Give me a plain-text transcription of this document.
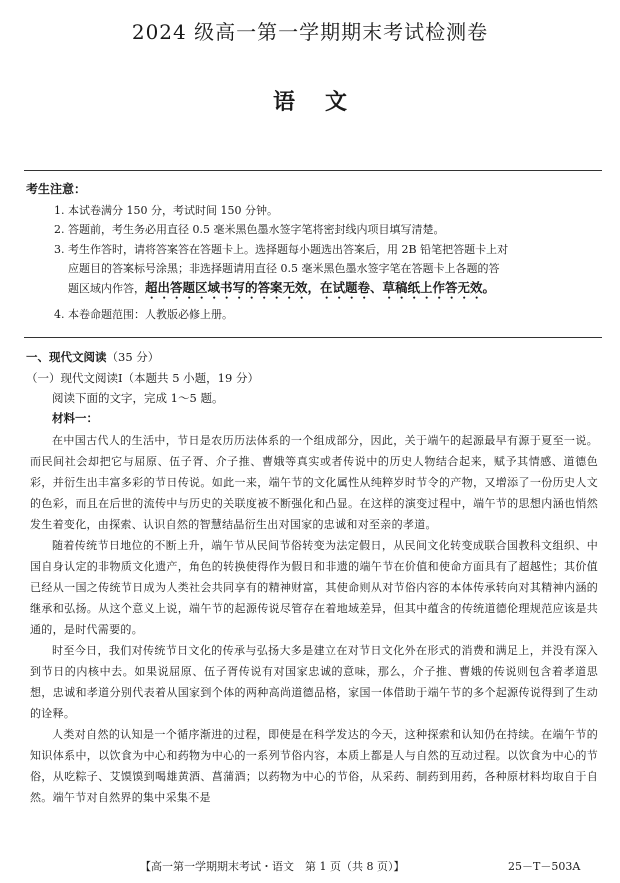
2024 级高一第一学期期末考试检测卷
语文
考生注意：
1. 本试卷满分 150 分，考试时间 150 分钟。
2. 答题前，考生务必用直径 0.5 毫米黑色墨水签字笔将密封线内项目填写清楚。
3. 考生作答时，请将答案答在答题卡上。选择题每小题选出答案后，用 2B 铅笔把答题卡上对
应题目的答案标号涂黑；非选择题请用直径 0.5 毫米黑色墨水签字笔在答题卡上各题的答
题区域内作答，超出答题区域书写的答案无效，在试题卷、草稿纸上作答无效。
4. 本卷命题范围：人教版必修上册。
一、现代文阅读（35 分）
（一）现代文阅读Ⅰ（本题共 5 小题，19 分）
阅读下面的文字，完成 1～5 题。
材料一：

在中国古代人的生活中，节日是农历历法体系的一个组成部分，因此，关于端午的起源最早有源于夏至一说。而民间社会却把它与屈原、伍子胥、介子推、曹娥等真实或者传说中的历史人物结合起来，赋予其情感、道德色彩，并衍生出丰富多彩的节日传说。如此一来，端午节的文化属性从纯粹岁时节令的产物，又增添了一份历史人文的色彩，而且在后世的流传中与历史的关联度被不断强化和凸显。在这样的演变过程中，端午节的思想内涵也悄然发生着变化，由探索、认识自然的智慧结晶衍生出对国家的忠诚和对至亲的孝道。

随着传统节日地位的不断上升，端午节从民间节俗转变为法定假日，从民间文化转变成联合国教科文组织、中国自身认定的非物质文化遗产，角色的转换使得作为假日和非遗的端午节在价值和使命方面具有了超越性；其价值已经从一国之传统节日成为人类社会共同享有的精神财富，其使命则从对节俗内容的本体传承转向对其精神内涵的继承和弘扬。从这个意义上说，端午节的起源传说尽管存在着地域差异，但其中蕴含的传统道德伦理规范应该是共通的，是时代需要的。

时至今日，我们对传统节日文化的传承与弘扬大多是建立在对节日文化外在形式的消费和满足上，并没有深入到节日的内核中去。如果说屈原、伍子胥传说有对国家忠诚的意味，那么，介子推、曹娥的传说则包含着孝道思想，忠诚和孝道分别代表着从国家到个体的两种高尚道德品格，家国一体借助于端午节的多个起源传说得到了生动的诠释。

人类对自然的认知是一个循序渐进的过程，即使是在科学发达的今天，这种探索和认知仍在持续。在端午节的知识体系中，以饮食为中心和药物为中心的一系列节俗内容，本质上都是人与自然的互动过程。以饮食为中心的节俗，从吃粽子、艾馍馍到喝雄黄酒、菖蒲酒；以药物为中心的节俗，从采药、制药到用药，各种原材料均取自于自然。端午节对自然界的集中采集不是

【高一第一学期期末考试・语文　第 1 页（共 8 页）】	25－T－503A
